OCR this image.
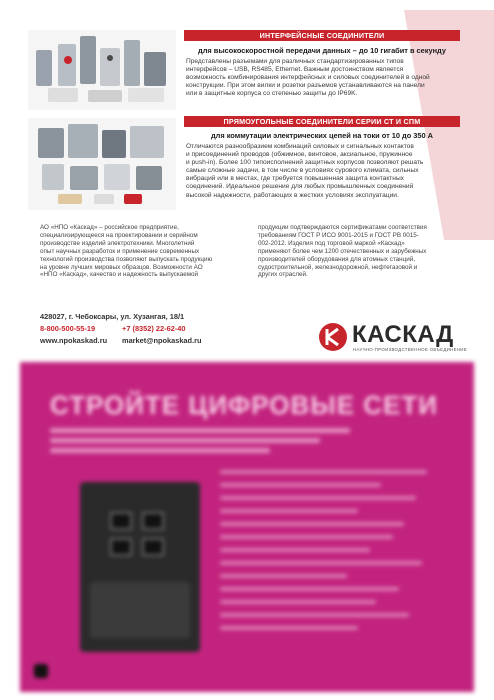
ИНТЕРФЕЙСНЫЕ СОЕДИНИТЕЛИ
для высокоскоростной передачи данных – до 10 гигабит в секунду
Представлены разъемами для различных стандартизированных типов
интерфейсов – USB, RS485, Ethernet. Важным достоинством является
возможность комбинирования интерфейсных и силовых соединителей в одной
конструкции. При этом вилки и розетки разъемов устанавливаются на панели
или в защитные корпуса со степенью защиты до IP69K.
ПРЯМОУГОЛЬНЫЕ СОЕДИНИТЕЛИ СЕРИИ СТ И СПМ
для коммутации электрических цепей на токи от 10 до 350 А
Отличаются разнообразием комбинаций силовых и сигнальных контактов
и присоединений проводов (обжимное, винтовое, аксиальное, пружинное
и push-in). Более 100 типоисполнений защитных корпусов позволяют решать
самые сложные задачи, в том числе в условиях сурового климата, сильных
вибраций или в местах, где требуется повышенная защита контактных
соединений. Идеальное решение для любых промышленных соединений
высокой надежности, работающих в жестких условиях эксплуатации.
АО «НПО «Каскад» – российское предприятие,
специализирующееся на проектировании и серийном
производстве изделий электротехники. Многолетний
опыт научных разработок и применение современных
технологий производства позволяют выпускать продукцию
на уровне лучших мировых образцов. Возможности АО
«НПО «Каскад», качество и надежность выпускаемой
продукции подтверждаются сертификатами соответствия
требованиям ГОСТ Р ИСО 9001-2015 и ГОСТ РВ 0015-
002-2012. Изделия под торговой маркой «Каскад»
применяют более чем 1200 отечественных и зарубежных
производителей оборудования для атомных станций,
судостроительной, железнодорожной, нефтегазовой и
других отраслей.
428027, г. Чебоксары, ул. Хузангая, 18/1
8-800-500-55-19	+7 (8352) 22-62-40
www.npokaskad.ru market@npokaskad.ru	КАСКАД
НАУЧНО-ПРОИЗВОДСТВЕННОЕ ОБЪЕДИНЕНИЕ
СТРОЙТЕ ЦИФРОВЫЕ СЕТИ
